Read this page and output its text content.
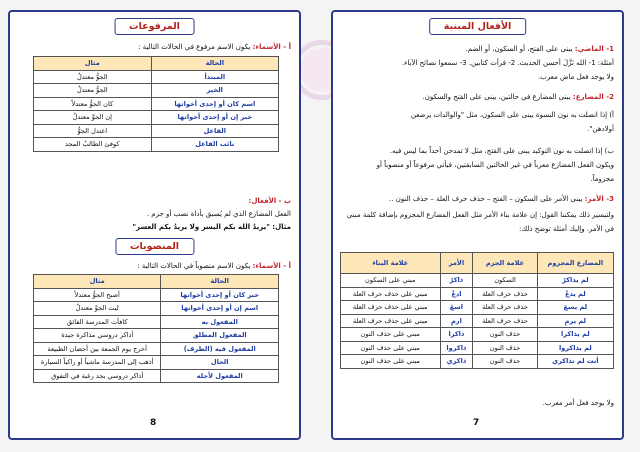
المرفوعات
أ - الأسماء: يكون الاسم مرفوع في الحالات التالية :
الحالة	مثال
المبتدأ	الجوُّ معتدلٌ
الخبر	الجوُّ معتدلٌ
اسم كان أو إحدى أخواتها	كان الجوُّ معتدلاً
خبر إن أو إحدى أخواتها	إن الجوَّ معتدلٌ
الفاعل	اعتدل الجوُّ
نائب الفاعل	كوفئ الطالبُ المجد
ب - الأفعال:
الفعل المضارع الذي لم يُسبق بأداة نصب أو جزم .
مثال: "يريدُ الله بكم اليسر ولا يريدُ بكم العسر"
المنصوبات
أ - الأسماء: يكون الاسم منصوباً في الحالات التالية :
الحالة	مثال
خبر كان أو إحدى أخواتها	أصبح الجوُّ معتدلاً
اسم إن أو إحدى أخواتها	ليت الجوَّ معتدلٌ
المفعول به	كافأت المدرسة الفائق
المفعول المطلق	أذاكر دروسي مذاكرة جيدة
المفعول فيه (الظرف)	أخرج يوم الجمعة بين أحضان الطبيعة
الحال	أذهب إلى المدرسة ماشياً أو راكباً السيارة
المفعول لأجله	أذاكر دروسي بجد رغبة في التفوق
8
الأفعال المبنية
1- الماضي: يبنى على الفتح، أو السكون، أو الضم.
أمثلة: 1- الله نَزَّلَ أحسن الحديث. 2- قرأت كتابين. 3- سمعوا نصائح الآباء.
ولا يوجد فعل ماض معرب.
2- المضارع: يبنى المضارع في حالتين، يبنى على الفتح والسكون.
أ) إذا اتصلت به نون النسوة يبنى على السكون، مثل "والوالدات يرضعن
أولادهن".
ب) إذا اتصلت به نون التوكيد يبنى على الفتح، مثل لا تمدحن أحداً بما ليس فيه.
ويكون الفعل المضارع معرباً في غير الحالتين السابقتين، فيأتي مرفوعاً أو منصوباً أو
مجزوماً.
3- الأمر: يبنى الأمر على السكون – الفتح – حذف حرف العلة – حذف النون ..
ولتيسير ذلك يمكننا القول: إن علامة بناء الأمر مثل الفعل المضارع المجزوم بإضافة كلمة مبني
في الأمر. وإليك أمثلة توضح ذلك:
المضارع المجزوم	علامة الجزم	الأمر	علامة البناء
لم يذاكرْ	السكون	ذاكرْ	مبني على السكون
لم يدعُ	حذف حرف العلة	ادعُ	مبني على حذف حرف العلة
لم يسعَ	حذف حرف العلة	اسعَ	مبني على حذف حرف العلة
لم يرمِ	حذف حرف العلة	ارمِ	مبني على حذف حرف العلة
لم يذاكرا	حذف النون	ذاكرا	مبني على حذف النون
لم يذاكروا	حذف النون	ذاكروا	مبني على حذف النون
أنت لم تذاكري	حذف النون	ذاكري	مبني على حذف النون
ولا يوجد فعل أمر معرب.
7
